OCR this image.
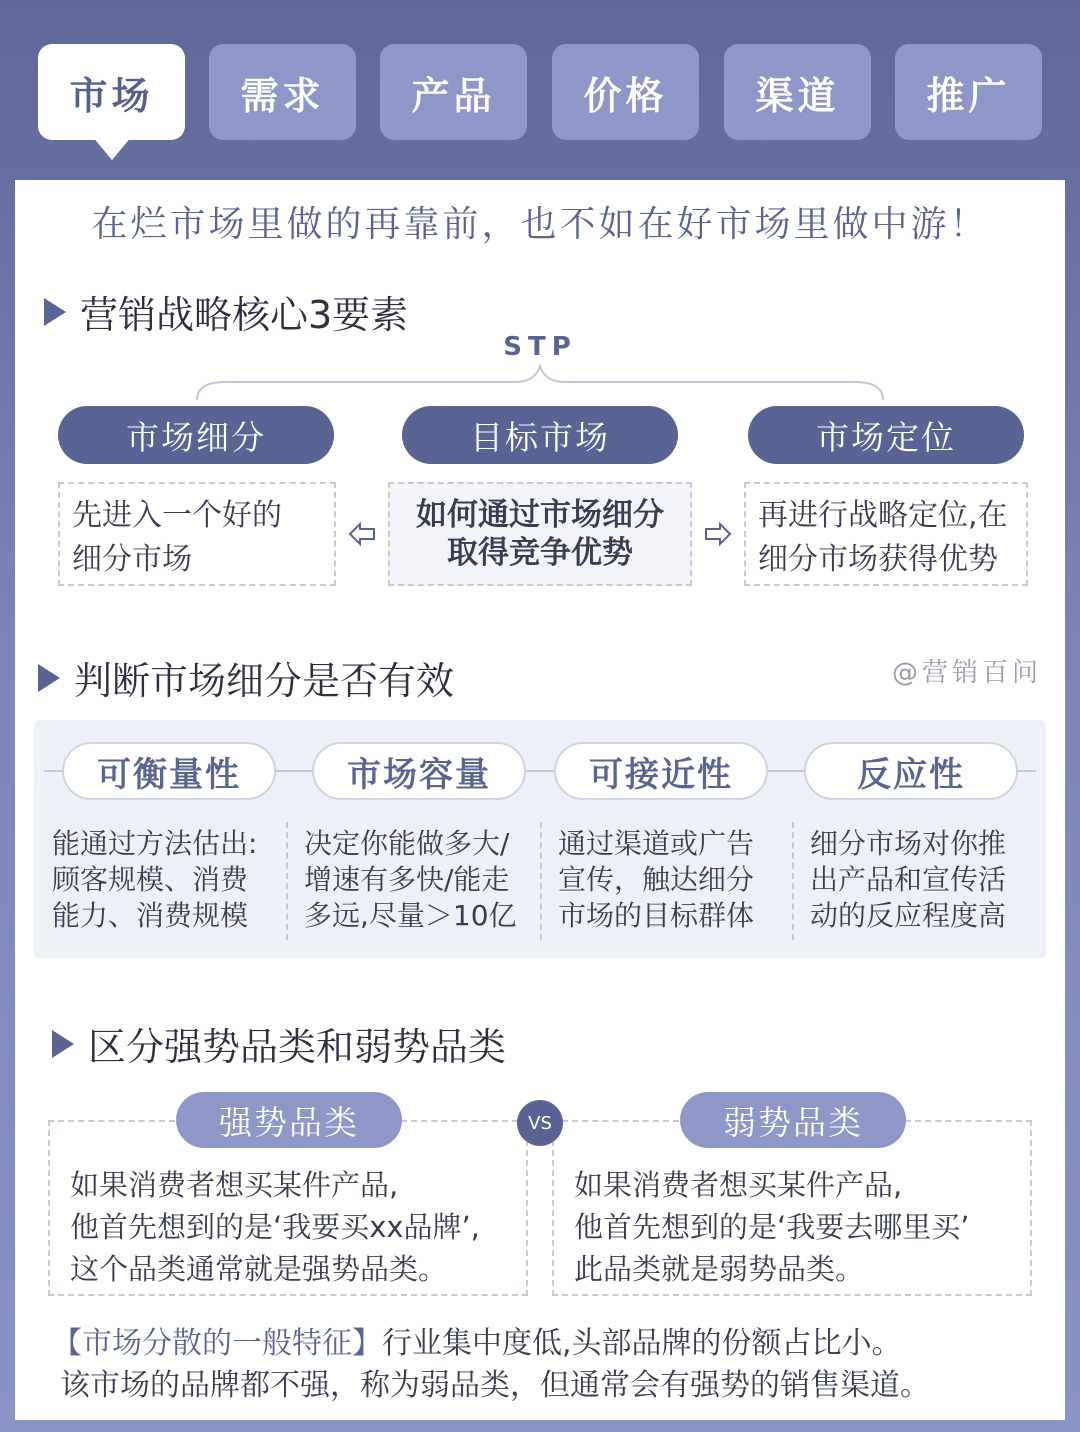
市场	需求	产品	价格	渠道	推广
在烂市场里做的再靠前，也不如在好市场里做中游！
营销战略核心3要素
STP
市场细分	目标市场	市场定位
先进入一个好的
细分市场
如何通过市场细分
取得竞争优势
再进行战略定位,在
细分市场获得优势
判断市场细分是否有效	@营销百问
可衡量性	市场容量	可接近性	反应性
能通过方法估出:
顾客规模、消费
能力、消费规模
决定你能做多大/
增速有多快/能走
多远,尽量＞10亿
通过渠道或广告
宣传，触达细分
市场的目标群体
细分市场对你推
出产品和宣传活
动的反应程度高
区分强势品类和弱势品类
如果消费者想买某件产品,
他首先想到的是‘我要买xx品牌’,
这个品类通常就是强势品类。
如果消费者想买某件产品,
他首先想到的是‘我要去哪里买’
此品类就是弱势品类。
强势品类	弱势品类
VS
【市场分散的一般特征】行业集中度低,头部品牌的份额占比小。
该市场的品牌都不强，称为弱品类，但通常会有强势的销售渠道。
